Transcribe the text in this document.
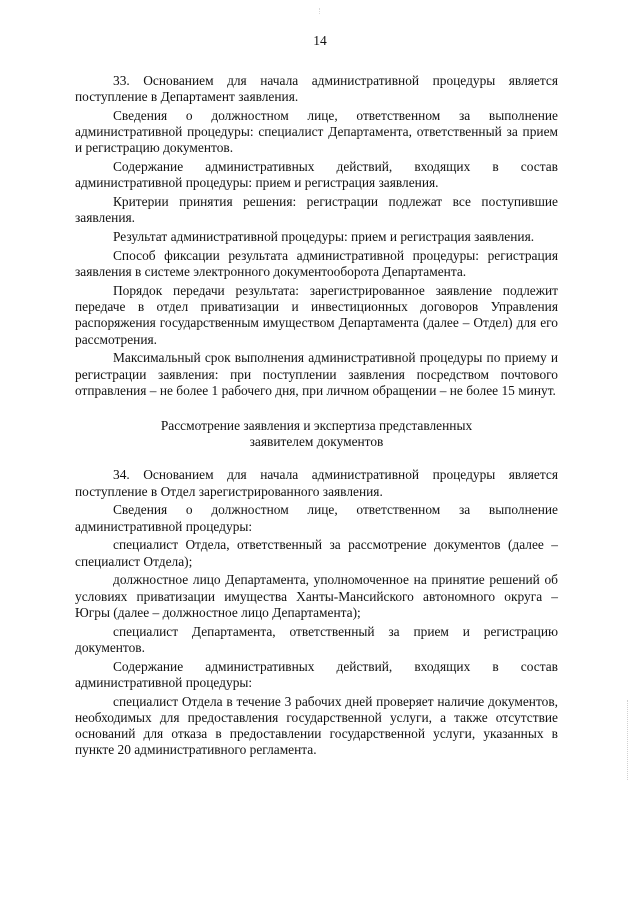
14

33. Основанием для начала административной процедуры является поступление в Департамент заявления.

Сведения о должностном лице, ответственном за выполнение административной процедуры: специалист Департамента, ответственный за прием и регистрацию документов.

Содержание административных действий, входящих в состав административной процедуры: прием и регистрация заявления.

Критерии принятия решения: регистрации подлежат все поступившие заявления.

Результат административной процедуры: прием и регистрация заявления.

Способ фиксации результата административной процедуры: регистрация заявления в системе электронного документооборота Департамента.

Порядок передачи результата: зарегистрированное заявление подлежит передаче в отдел приватизации и инвестиционных договоров Управления распоряжения государственным имуществом Департамента (далее – Отдел) для его рассмотрения.

Максимальный срок выполнения административной процедуры по приему и регистрации заявления: при поступлении заявления посредством почтового отправления – не более 1 рабочего дня, при личном обращении – не более 15 минут.

Рассмотрение заявления и экспертиза представленных
заявителем документов

34. Основанием для начала административной процедуры является поступление в Отдел зарегистрированного заявления.

Сведения о должностном лице, ответственном за выполнение административной процедуры:

специалист Отдела, ответственный за рассмотрение документов (далее – специалист Отдела);

должностное лицо Департамента, уполномоченное на принятие решений об условиях приватизации имущества Ханты-Мансийского автономного округа – Югры (далее – должностное лицо Департамента);

специалист Департамента, ответственный за прием и регистрацию документов.

Содержание административных действий, входящих в состав административной процедуры:

специалист Отдела в течение 3 рабочих дней проверяет наличие документов, необходимых для предоставления государственной услуги, а также отсутствие оснований для отказа в предоставлении государственной услуги, указанных в пункте 20 административного регламента.
